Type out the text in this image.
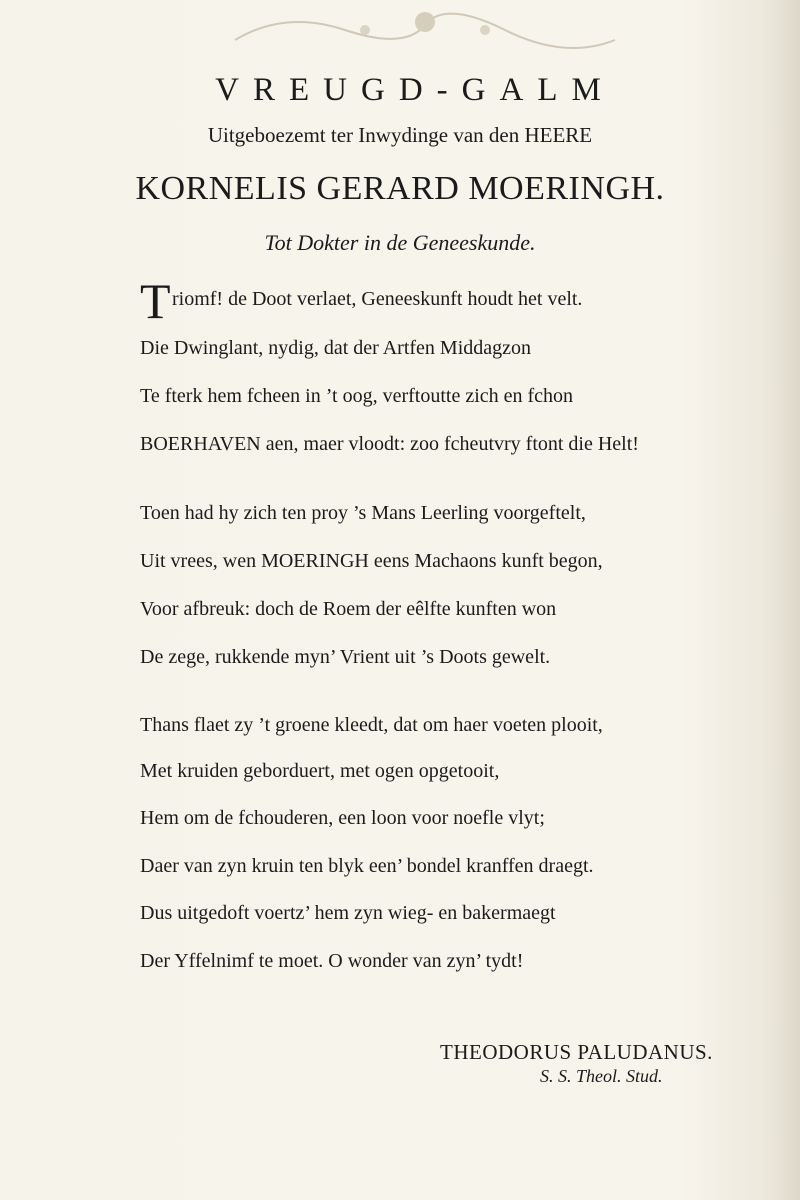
VREUGD-GALM
Uitgeboezemt ter Inwydinge van den HEERE
KORNELIS GERARD MOERINGH.
Tot Dokter in de Geneeskunde.
T riomf! de Doot verlaet, Geneeskunft houdt het velt.
Die Dwinglant, nydig, dat der Artfen Middagzon
Te fterk hem fcheen in ’t oog, verftoutte zich en fchon
BOERHAVEN aen, maer vloodt: zoo fcheutvry ftont die Helt!
Toen had hy zich ten proy ’s Mans Leerling voorgeftelt,
Uit vrees, wen MOERINGH eens Machaons kunft begon,
Voor afbreuk: doch de Roem der eêlfte kunften won
De zege, rukkende myn’ Vrient uit ’s Doots gewelt.
Thans flaet zy ’t groene kleedt, dat om haer voeten plooit,
Met kruiden geborduert, met ogen opgetooit,
Hem om de fchouderen, een loon voor noefle vlyt;
Daer van zyn kruin ten blyk een’ bondel kranffen draegt.
Dus uitgedoft voertz’ hem zyn wieg- en bakermaegt
Der Yffelnimf te moet. O wonder van zyn’ tydt!
THEODORUS PALUDANUS.
S. S. Theol. Stud.
